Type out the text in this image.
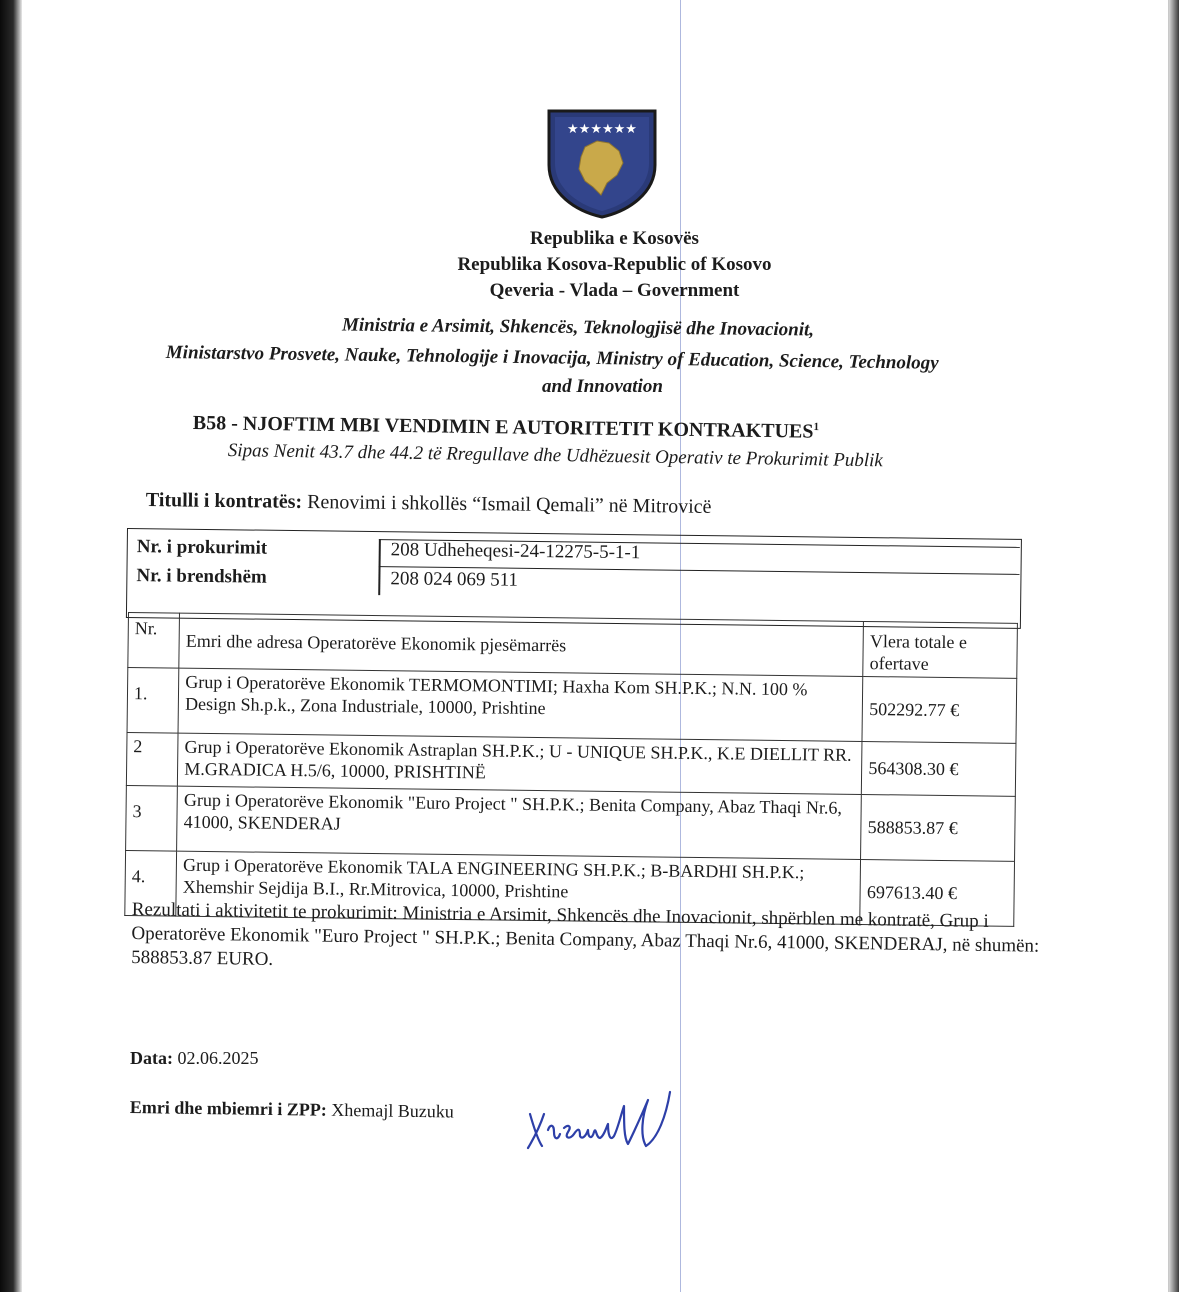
★★★★★★
Republika e Kosovës
Republika Kosova-Republic of Kosovo
Qeveria - Vlada – Government
Ministria e Arsimit, Shkencës, Teknologjisë dhe Inovacionit,
Ministarstvo Prosvete, Nauke, Tehnologije i Inovacija, Ministry of Education, Science, Technology
and Innovation
B58 - NJOFTIM MBI VENDIMIN E AUTORITETIT KONTRAKTUES$^1$
Sipas Nenit 43.7 dhe 44.2 të Rregullave dhe Udhëzuesit Operativ te Prokurimit Publik
Titulli i kontratës: Renovimi i shkollës “Ismail Qemali” në Mitrovicë
Nr. i prokurimit	208 Udheheqesi-24-12275-5-1-1
Nr. i brendshëm	208 024 069 511
Nr.	Emri dhe adresa Operatorëve Ekonomik pjesëmarrës	Vlera totale e ofertave
1.	Grup i Operatorëve Ekonomik TERMOMONTIMI; Haxha Kom SH.P.K.; N.N. 100 % Design Sh.p.k., Zona Industriale, 10000, Prishtine	502292.77 €
2	Grup i Operatorëve Ekonomik Astraplan SH.P.K.; U - UNIQUE SH.P.K., K.E DIELLIT RR. M.GRADICA H.5/6, 10000, PRISHTINË	564308.30 €
3	Grup i Operatorëve Ekonomik "Euro Project " SH.P.K.; Benita Company, Abaz Thaqi Nr.6, 41000, SKENDERAJ	588853.87 €
4.	Grup i Operatorëve Ekonomik TALA ENGINEERING SH.P.K.; B-BARDHI SH.P.K.; Xhemshir Sejdija B.I., Rr.Mitrovica, 10000, Prishtine	697613.40 €
Rezultati i aktivitetit te prokurimit: Ministria e Arsimit, Shkencës dhe Inovacionit, shpërblen me kontratë, Grup i Operatorëve Ekonomik "Euro Project " SH.P.K.; Benita Company, Abaz Thaqi Nr.6, 41000, SKENDERAJ, në shumën: 588853.87 EURO.
Data: 02.06.2025
Emri dhe mbiemri i ZPP: Xhemajl Buzuku
